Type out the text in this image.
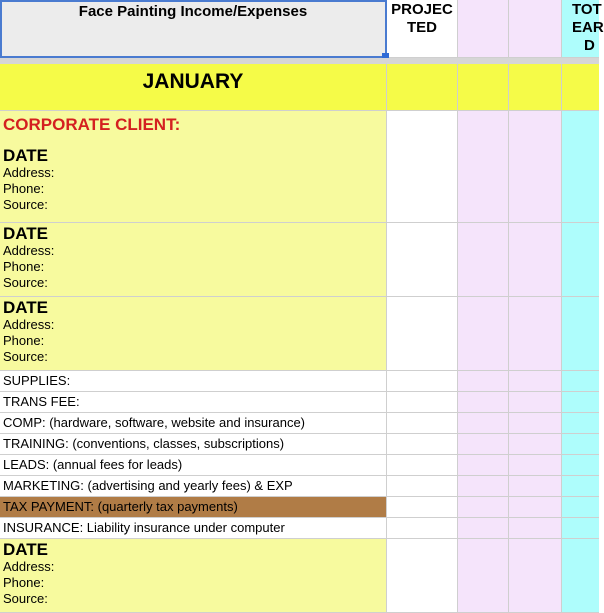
Face Painting Income/Expenses	PROJEC
TED
TOT
EAR
D
JANUARY
CORPORATE CLIENT:
DATE
Address:
Phone:
Source:
DATE
Address:
Phone:
Source:
DATE
Address:
Phone:
Source:
SUPPLIES:
TRANS FEE:
COMP: (hardware, software, website and insurance)
TRAINING: (conventions, classes, subscriptions)
LEADS: (annual fees for leads)
MARKETING: (advertising and yearly fees) & EXP
TAX PAYMENT: (quarterly tax payments)
INSURANCE: Liability insurance under computer
DATE
Address:
Phone:
Source:
